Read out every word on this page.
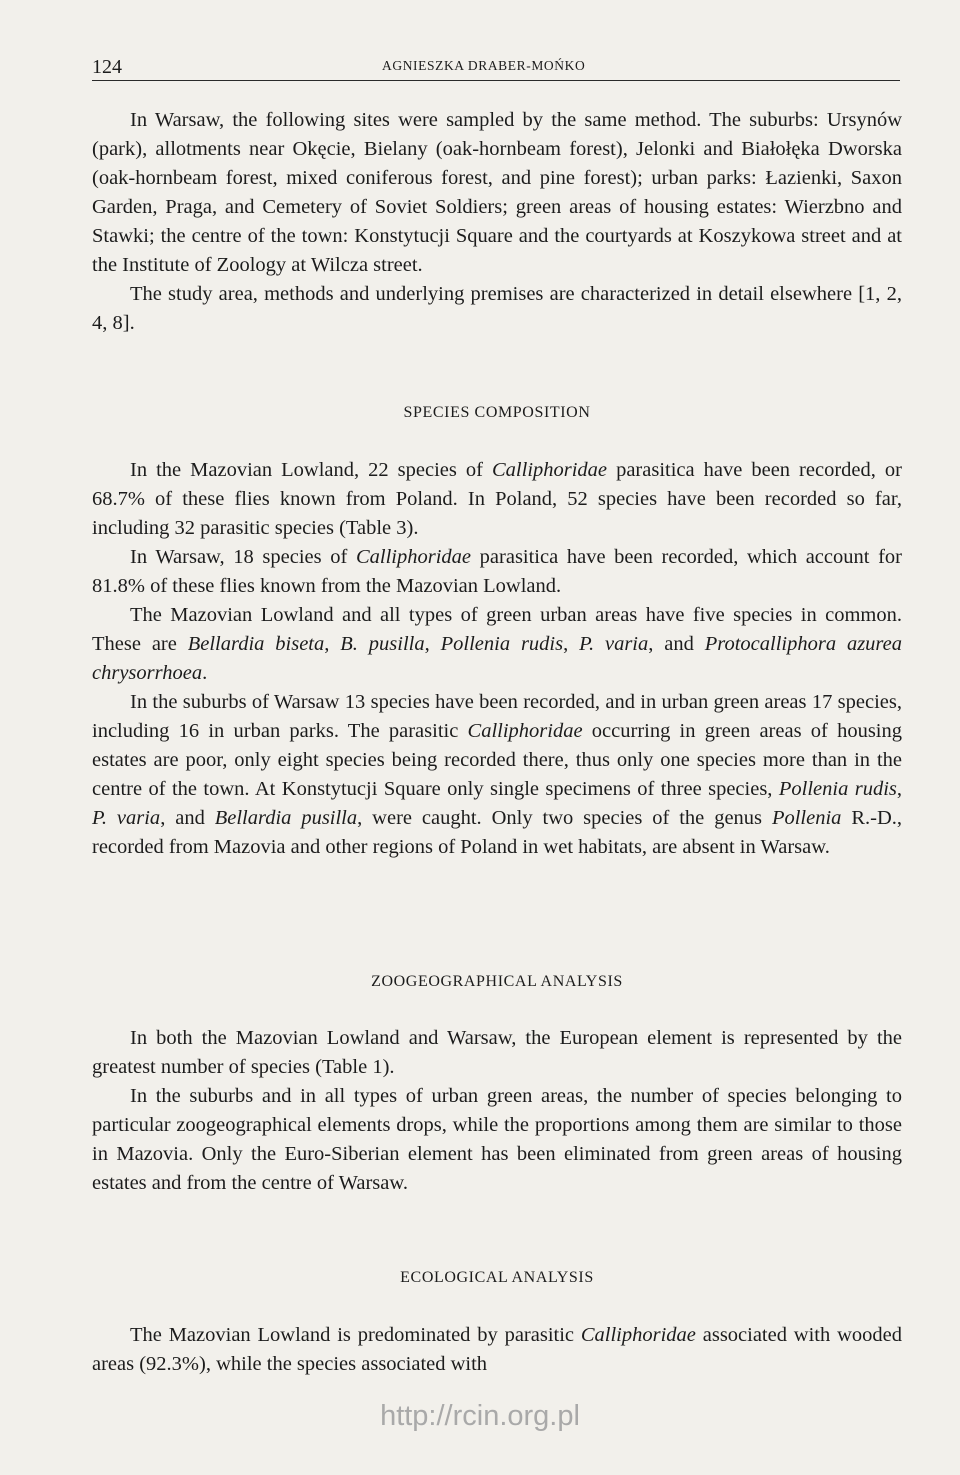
124	AGNIESZKA DRABER-MOŃKO

In Warsaw, the following sites were sampled by the same method. The suburbs: Ursynów (park), allotments near Okęcie, Bielany (oak-hornbeam forest), Jelonki and Białołęka Dworska (oak-hornbeam forest, mixed coniferous forest, and pine forest); urban parks: Łazienki, Saxon Garden, Praga, and Cemetery of Soviet Soldiers; green areas of housing estates: Wierzbno and Stawki; the centre of the town: Konstytucji Square and the courtyards at Koszykowa street and at the Institute of Zoology at Wilcza street.

The study area, methods and underlying premises are characterized in detail elsewhere [1, 2, 4, 8].

SPECIES COMPOSITION

In the Mazovian Lowland, 22 species of Calliphoridae parasitica have been recorded, or 68.7% of these flies known from Poland. In Poland, 52 species have been recorded so far, including 32 parasitic species (Table 3).

In Warsaw, 18 species of Calliphoridae parasitica have been recorded, which account for 81.8% of these flies known from the Mazovian Lowland.

The Mazovian Lowland and all types of green urban areas have five species in common. These are Bellardia biseta, B. pusilla, Pollenia rudis, P. varia, and Protocalliphora azurea chrysorrhoea.

In the suburbs of Warsaw 13 species have been recorded, and in urban green areas 17 species, including 16 in urban parks. The parasitic Calliphoridae occurring in green areas of housing estates are poor, only eight species being recorded there, thus only one species more than in the centre of the town. At Konstytucji Square only single specimens of three species, Pollenia rudis, P. varia, and Bellardia pusilla, were caught. Only two species of the genus Pollenia R.-D., recorded from Mazovia and other regions of Poland in wet habitats, are absent in Warsaw.

ZOOGEOGRAPHICAL ANALYSIS

In both the Mazovian Lowland and Warsaw, the European element is represented by the greatest number of species (Table 1).

In the suburbs and in all types of urban green areas, the number of species belonging to particular zoogeographical elements drops, while the proportions among them are similar to those in Mazovia. Only the Euro-Siberian element has been eliminated from green areas of housing estates and from the centre of Warsaw.

ECOLOGICAL ANALYSIS

The Mazovian Lowland is predominated by parasitic Calliphoridae associated with wooded areas (92.3%), while the species associated with

http://rcin.org.pl
